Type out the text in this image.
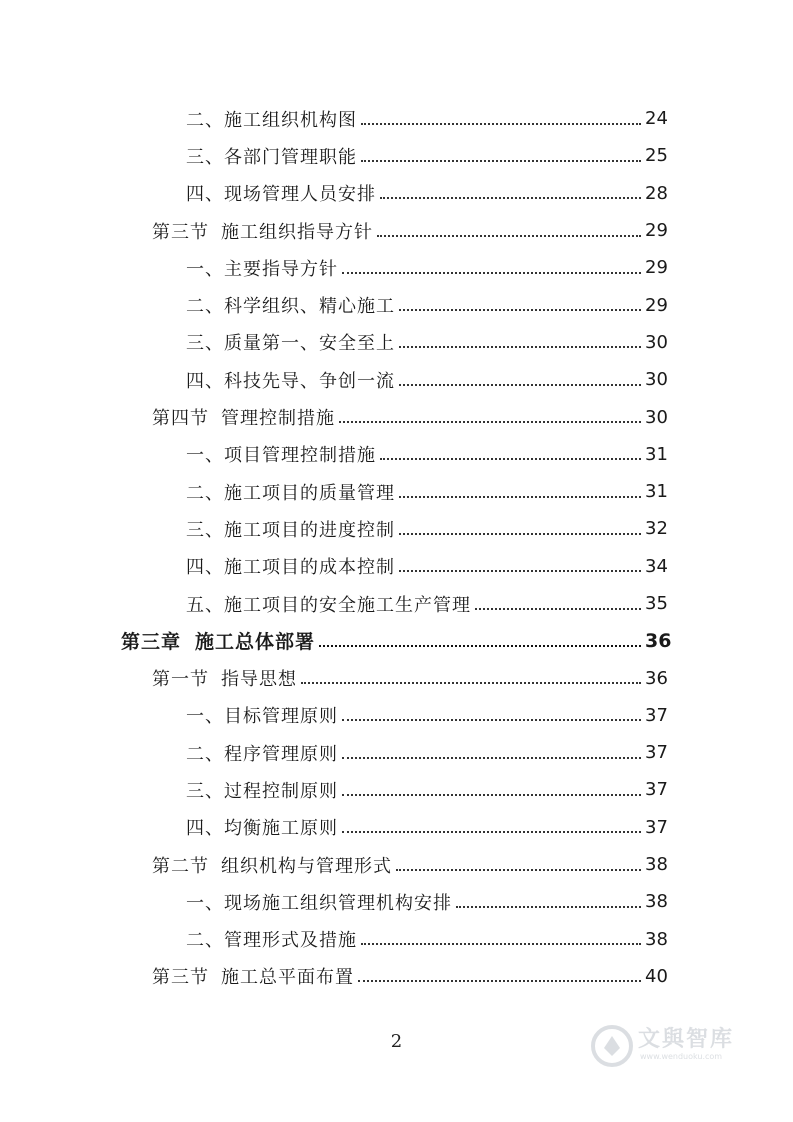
二、 施工组织机构图	24
三、 各部门管理职能	25
四、 现场管理人员安排	28
第三节 施工组织指导方针	29
一、 主要指导方针	29
二、 科学组织、精心施工	29
三、 质量第一、安全至上	30
四、 科技先导、争创一流	30
第四节 管理控制措施	30
一、 项目管理控制措施	31
二、 施工项目的质量管理	31
三、 施工项目的进度控制	32
四、 施工项目的成本控制	34
五、 施工项目的安全施工生产管理	35
第三章 施工总体部署	36
第一节 指导思想	36
一、 目标管理原则	37
二、 程序管理原则	37
三、 过程控制原则	37
四、 均衡施工原则	37
第二节 组织机构与管理形式	38
一、 现场施工组织管理机构安排	38
二、 管理形式及措施	38
第三节 施工总平面布置	40
2	文與智库
www.wenduoku.com
